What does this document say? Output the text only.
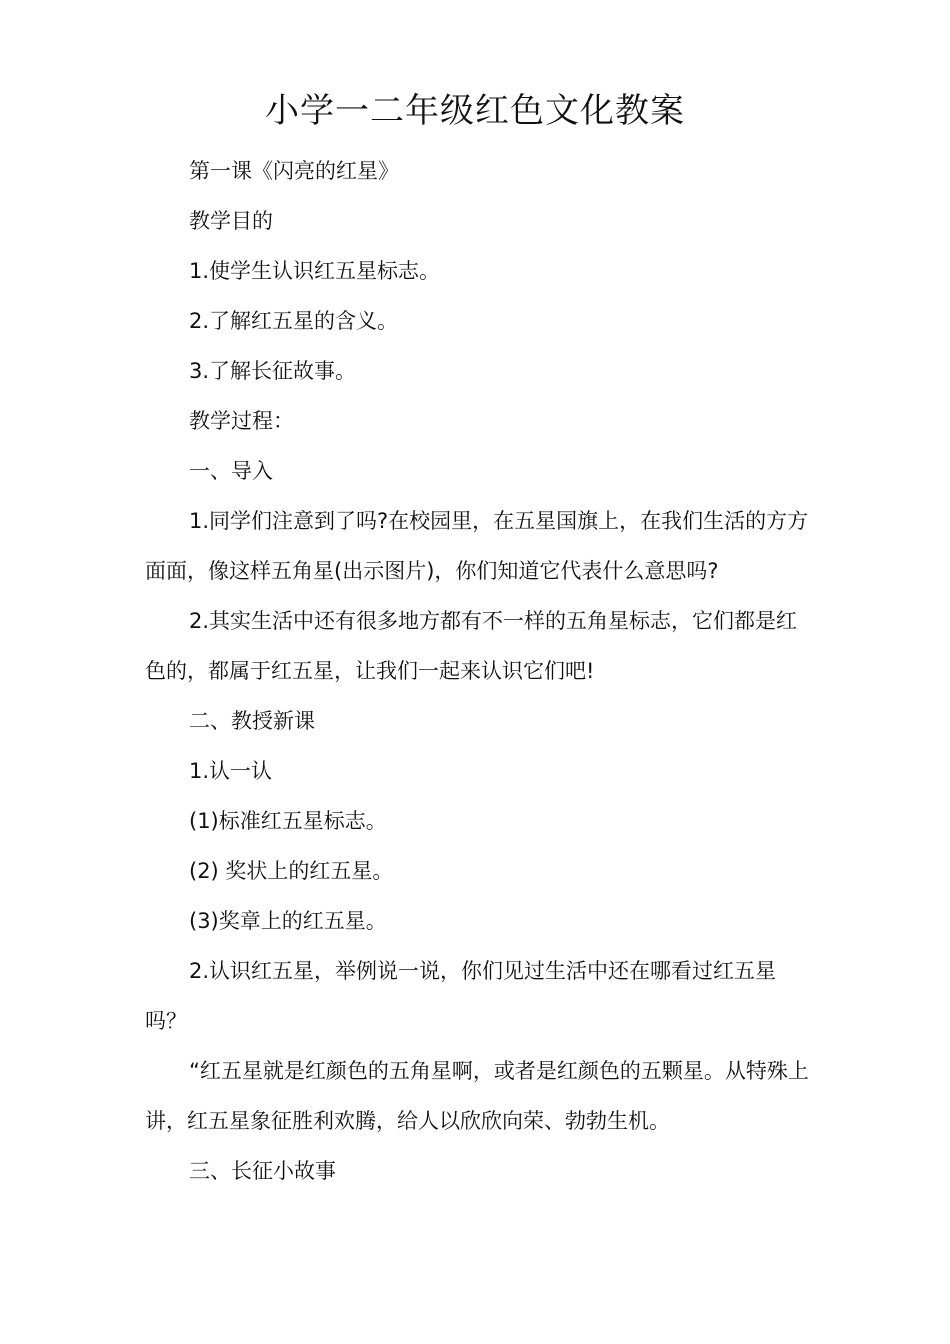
小学一二年级红色文化教案

第一课《闪亮的红星》

教学目的

1.使学生认识红五星标志。

2.了解红五星的含义。

3.了解长征故事。

教学过程：

一、导入

1.同学们注意到了吗?在校园里，在五星国旗上，在我们生活的方方面面，像这样五角星(出示图片)，你们知道它代表什么意思吗?

2.其实生活中还有很多地方都有不一样的五角星标志，它们都是红色的，都属于红五星，让我们一起来认识它们吧!

二、教授新课

1.认一认

(1)标准红五星标志。

(2) 奖状上的红五星。

(3)奖章上的红五星。

2.认识红五星，举例说一说，你们见过生活中还在哪看过红五星吗？

“红五星就是红颜色的五角星啊，或者是红颜色的五颗星。从特殊上讲，红五星象征胜利欢腾，给人以欣欣向荣、勃勃生机。

三、长征小故事
